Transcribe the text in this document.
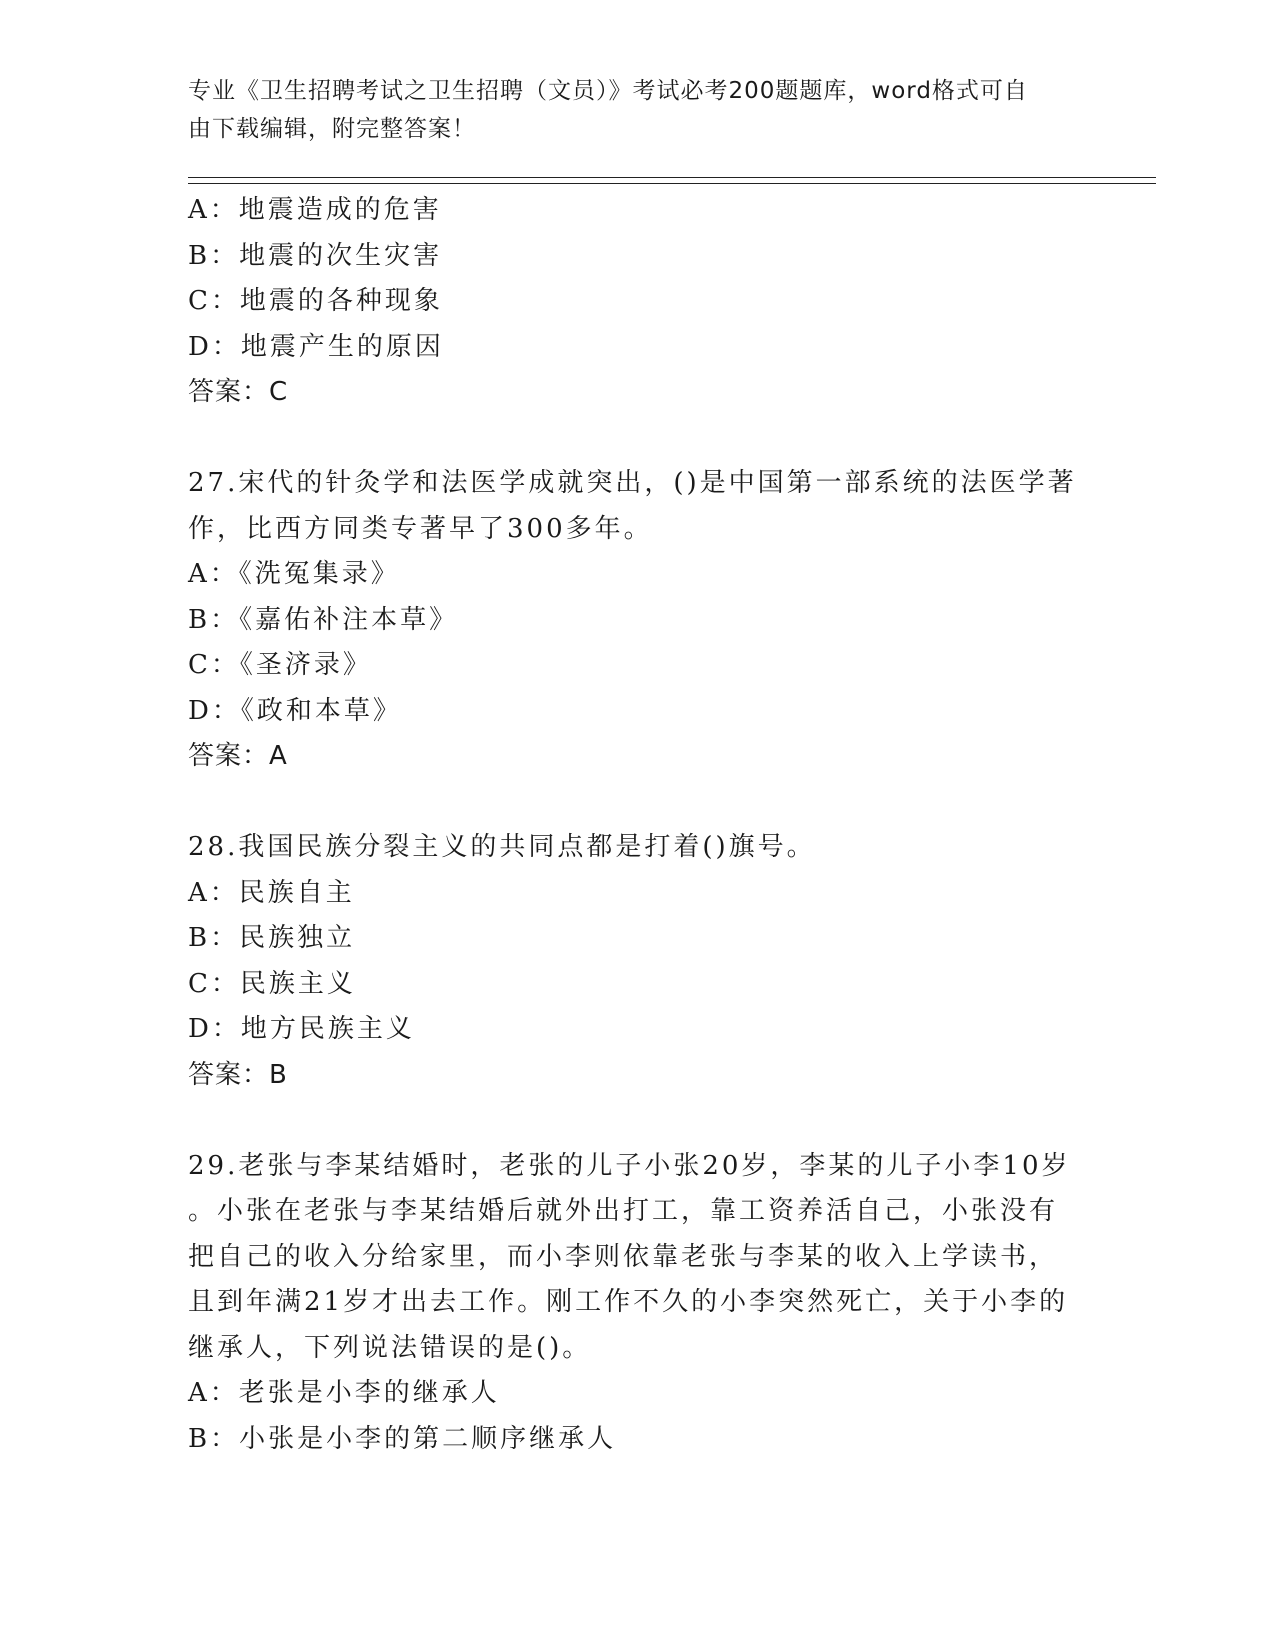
专业《卫生招聘考试之卫生招聘（文员）》考试必考200题题库，word格式可自
由下载编辑，附完整答案！
A：地震造成的危害
B：地震的次生灾害
C：地震的各种现象
D：地震产生的原因
答案：C
27.宋代的针灸学和法医学成就突出，()是中国第一部系统的法医学著
作，比西方同类专著早了300多年。
A：《洗冤集录》
B：《嘉佑补注本草》
C：《圣济录》
D：《政和本草》
答案：A
28.我国民族分裂主义的共同点都是打着()旗号。
A：民族自主
B：民族独立
C：民族主义
D：地方民族主义
答案：B
29.老张与李某结婚时，老张的儿子小张20岁，李某的儿子小李10岁
。小张在老张与李某结婚后就外出打工，靠工资养活自己，小张没有
把自己的收入分给家里，而小李则依靠老张与李某的收入上学读书，
且到年满21岁才出去工作。刚工作不久的小李突然死亡，关于小李的
继承人，下列说法错误的是()。
A：老张是小李的继承人
B：小张是小李的第二顺序继承人
